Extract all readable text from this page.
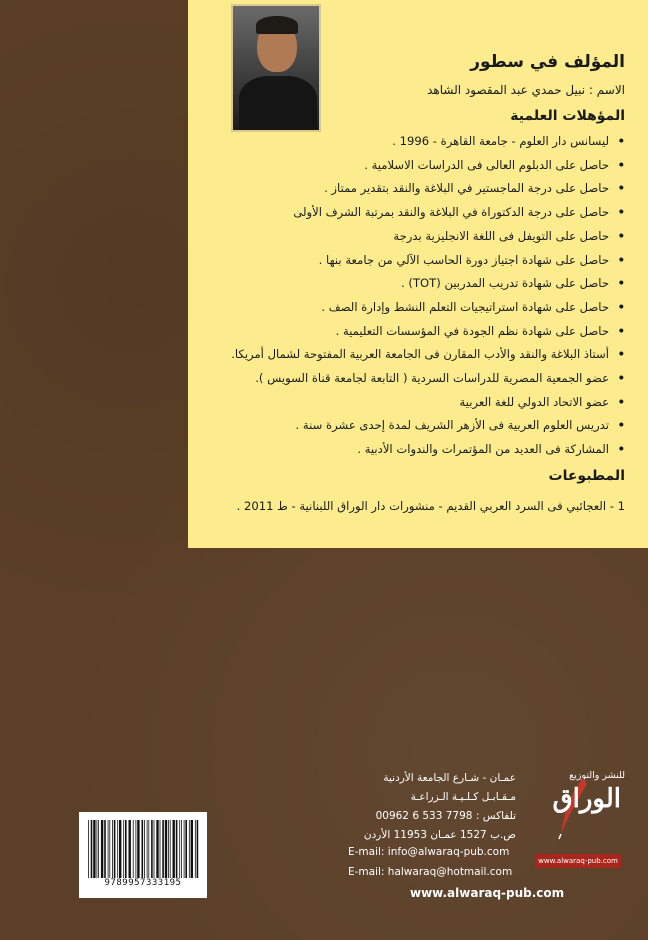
المؤلف في سطور
الاسم : نبيل حمدي عبد المقصود الشاهد
المؤهلات العلمية
•ليسانس دار العلوم - جامعة القاهرة - 1996 .
•حاصل على الدبلوم العالى فى الدراسات الاسلامية .
•حاصل على درجة الماجستير في البلاغة والنقد بتقدير ممتاز .
•حاصل على درجة الدكتوراة في البلاغة والنقد بمرتبة الشرف الأولى
•حاصل على التويفل فى اللغة الانجليزية بدرجة
•حاصل على شهادة اجتياز دورة الحاسب الآلي من جامعة بنها .
•حاصل على شهادة تدريب المدربين (TOT) .
•حاصل على شهادة استراتيجيات التعلم النشط وإدارة الصف .
•حاصل على شهادة نظم الجودة في المؤسسات التعليمية .
•أستاذ البلاغة والنقد والأدب المقارن فى الجامعة العربية المفتوحة لشمال أمريكا.
•عضو الجمعية المصرية للدراسات السردية ( التابعة لجامعة قناة السويس ).
•عضو الاتحاد الدولي للغة العربية
•تدريس العلوم العربية فى الأزهر الشريف لمدة إحدى عشرة سنة .
•المشاركة فى العديد من المؤتمرات والندوات الأدبية .
المطبوعات
1 - العجائبي فى السرد العربي القديم - منشورات دار الوراق اللبنانية - ط 2011 .
للنشر والتوزيع
الوراق
www.alwaraq-pub.com
عمـان - شـارع الجامعة الأردنية
مـقـابـل كـلـيـة الـزراعـة
تلفاكس : 7798 533 6 00962
ص.ب 1527 عمـان 11953 الأردن
E-mail: info@alwaraq-pub.com
E-mail: halwaraq@hotmail.com
www.alwaraq-pub.com
9789957333195
